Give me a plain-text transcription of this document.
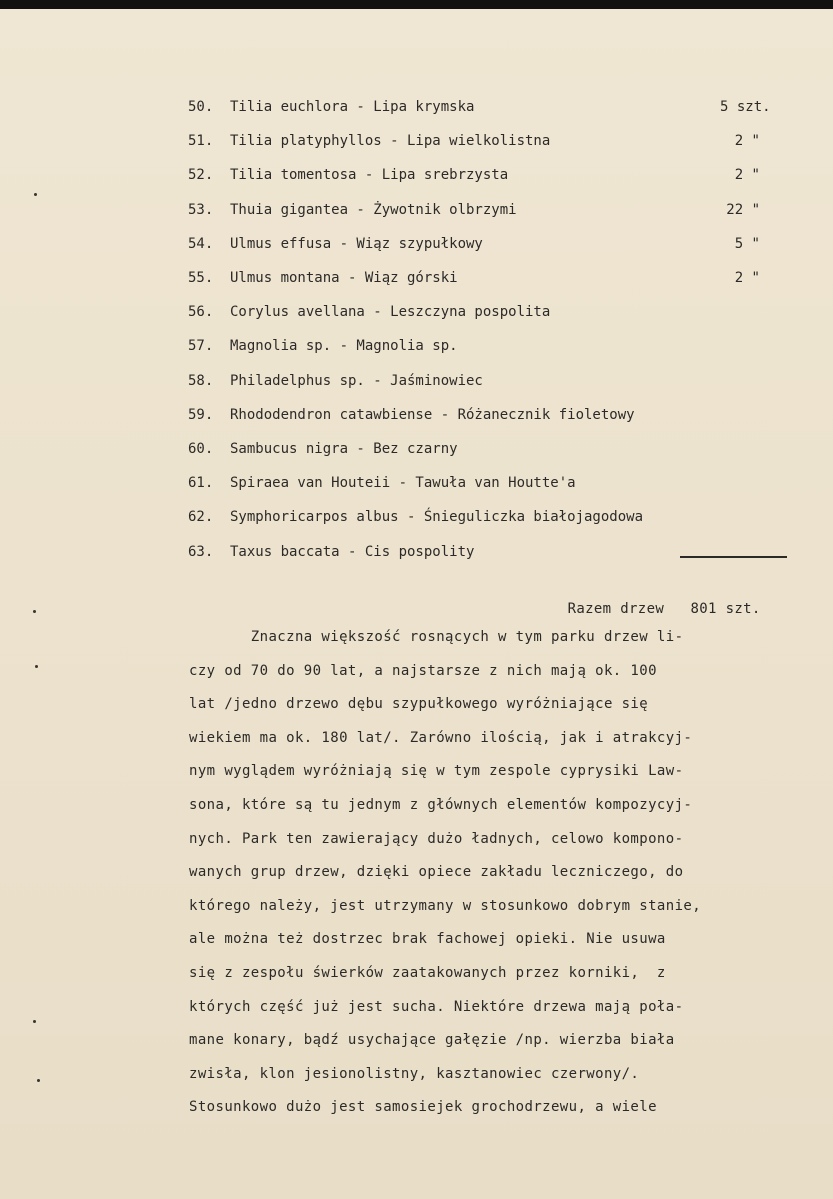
50.	Tilia euchlora - Lipa krymska	5 szt.
51.	Tilia platyphyllos - Lipa wielkolistna	2 "
52.	Tilia tomentosa - Lipa srebrzysta	2 "
53.	Thuia gigantea - Żywotnik olbrzymi	22 "
54.	Ulmus effusa - Wiąz szypułkowy	5 "
55.	Ulmus montana - Wiąz górski	2 "
56.	Corylus avellana - Leszczyna pospolita
57.	Magnolia sp. - Magnolia sp.
58.	Philadelphus sp. - Jaśminowiec
59.	Rhododendron catawbiense - Różanecznik fioletowy
60.	Sambucus nigra - Bez czarny
61.	Spiraea van Houteii - Tawuła van Houtte'a
62.	Symphoricarpos albus - Śnieguliczka białojagodowa
63.	Taxus baccata - Cis pospolity

Razem drzew 801 szt.

Znaczna większość rosnących w tym parku drzew li-
czy od 70 do 90 lat, a najstarsze z nich mają ok. 100
lat /jedno drzewo dębu szypułkowego wyróżniające się
wiekiem ma ok. 180 lat/. Zarówno ilością, jak i atrakcyj-
nym wyglądem wyróżniają się w tym zespole cyprysiki Law-
sona, które są tu jednym z głównych elementów kompozycyj-
nych. Park ten zawierający dużo ładnych, celowo kompono-
wanych grup drzew, dzięki opiece zakładu leczniczego, do
którego należy, jest utrzymany w stosunkowo dobrym stanie,
ale można też dostrzec brak fachowej opieki. Nie usuwa
się z zespołu świerków zaatakowanych przez korniki,  z
których część już jest sucha. Niektóre drzewa mają poła-
mane konary, bądź usychające gałęzie /np. wierzba biała
zwisła, klon jesionolistny, kasztanowiec czerwony/.
Stosunkowo dużo jest samosiejek grochodrzewu, a wiele
